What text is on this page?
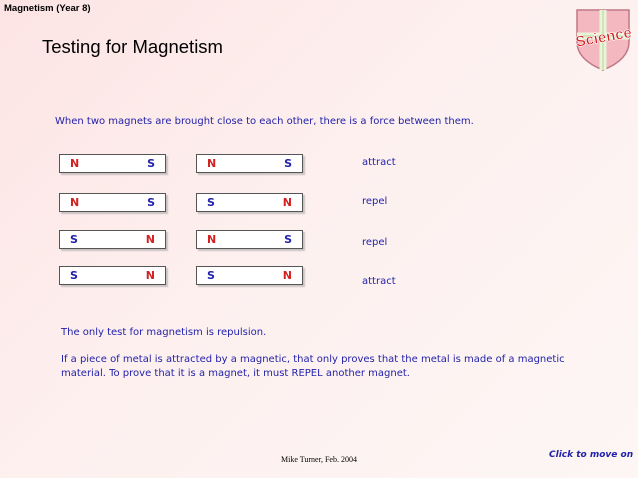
Magnetism (Year 8)
Testing for Magnetism	Science
When two magnets are brought close to each other, there is a force between them.
N	S	N	S	attract
N	S	S	N	repel
S	N	N	S	repel
S	N	S	N	attract
The only test for magnetism is repulsion.
If a piece of metal is attracted by a magnetic, that only proves that the metal is made of a magnetic
material. To prove that it is a magnet, it must REPEL another magnet.
Mike Turner, Feb. 2004	Click to move on
